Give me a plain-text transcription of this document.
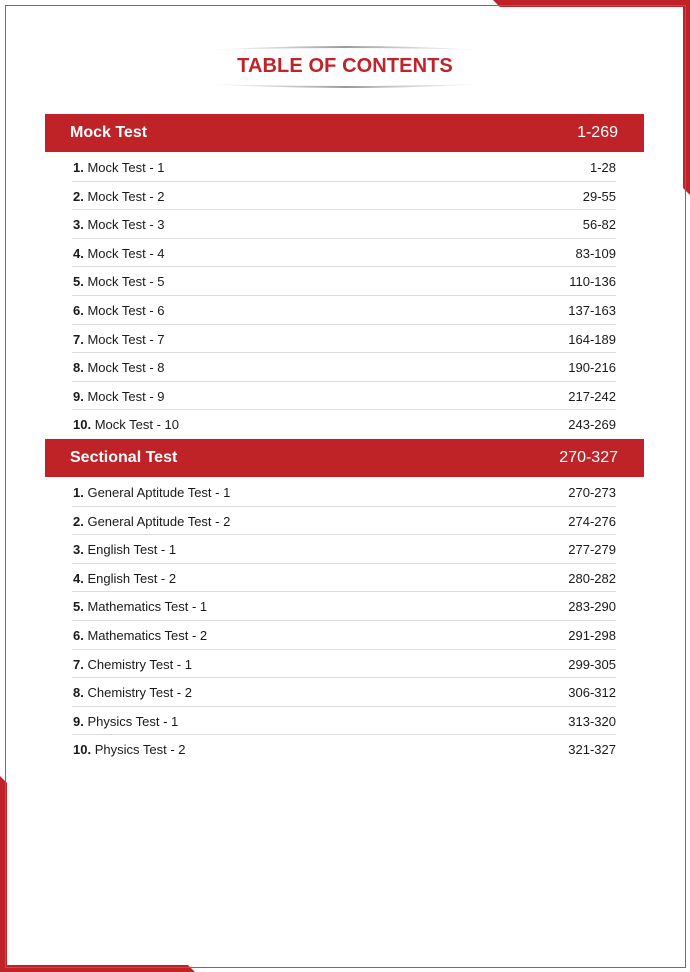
TABLE OF CONTENTS
Mock Test	1-269
1. Mock Test - 1	1-28
2. Mock Test - 2	29-55
3. Mock Test - 3	56-82
4. Mock Test - 4	83-109
5. Mock Test - 5	110-136
6. Mock Test - 6	137-163
7. Mock Test - 7	164-189
8. Mock Test - 8	190-216
9. Mock Test - 9	217-242
10. Mock Test - 10	243-269
Sectional Test	270-327
1. General Aptitude Test - 1	270-273
2. General Aptitude Test - 2	274-276
3. English Test - 1	277-279
4. English Test - 2	280-282
5. Mathematics Test - 1	283-290
6. Mathematics Test - 2	291-298
7. Chemistry Test - 1	299-305
8. Chemistry Test - 2	306-312
9. Physics Test - 1	313-320
10. Physics Test - 2	321-327
